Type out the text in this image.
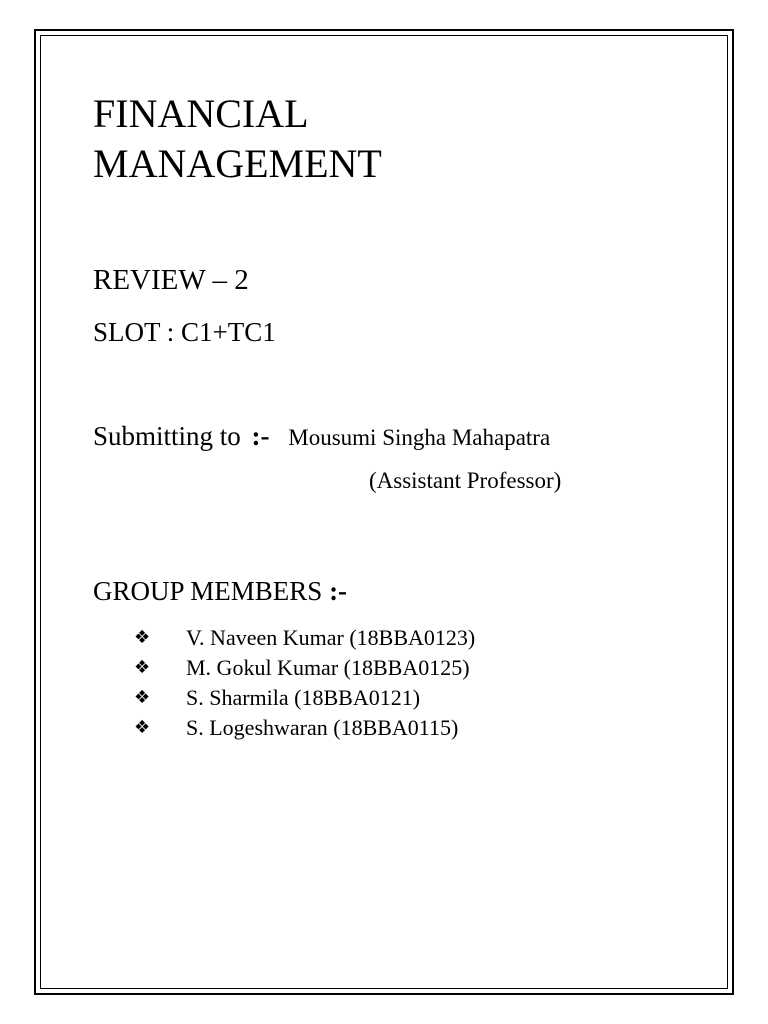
FINANCIAL
MANAGEMENT
REVIEW – 2
SLOT : C1+TC1
Submitting to :- Mousumi Singha Mahapatra
(Assistant Professor)
GROUP MEMBERS :-
❖ V. Naveen Kumar (18BBA0123)
❖ M. Gokul Kumar (18BBA0125)
❖ S. Sharmila (18BBA0121)
❖ S. Logeshwaran (18BBA0115)
